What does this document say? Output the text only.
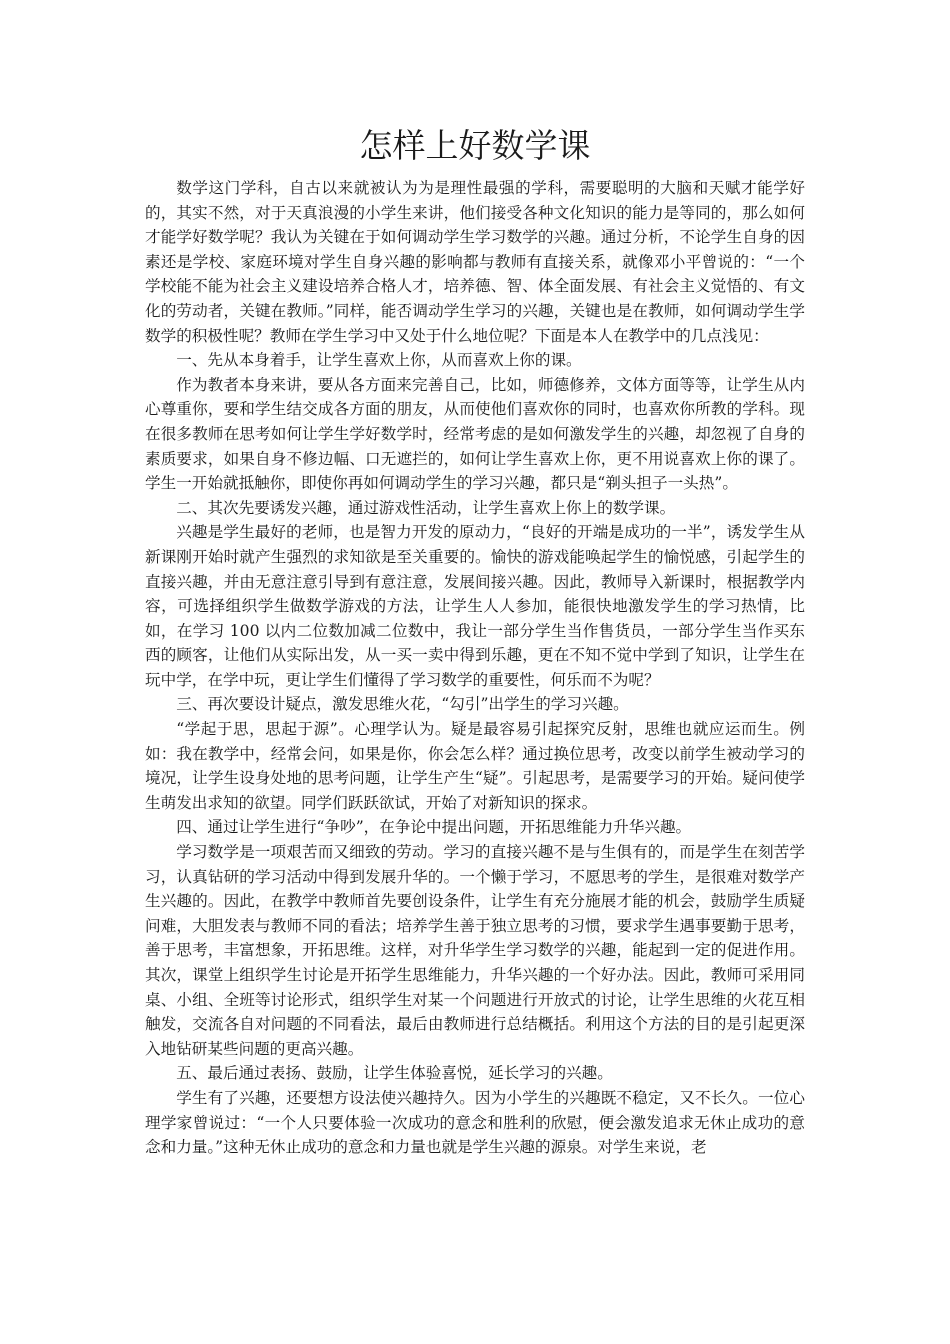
怎样上好数学课

数学这门学科，自古以来就被认为为是理性最强的学科，需要聪明的大脑和天赋才能学好的，其实不然，对于天真浪漫的小学生来讲，他们接受各种文化知识的能力是等同的，那么如何才能学好数学呢？我认为关键在于如何调动学生学习数学的兴趣。通过分析，不论学生自身的因素还是学校、家庭环境对学生自身兴趣的影响都与教师有直接关系，就像邓小平曾说的：“一个学校能不能为社会主义建设培养合格人才，培养德、智、体全面发展、有社会主义觉悟的、有文化的劳动者，关键在教师。”同样，能否调动学生学习的兴趣，关键也是在教师，如何调动学生学数学的积极性呢？教师在学生学习中又处于什么地位呢？下面是本人在教学中的几点浅见：

一、先从本身着手，让学生喜欢上你，从而喜欢上你的课。

作为教者本身来讲，要从各方面来完善自己，比如，师德修养，文体方面等等，让学生从内心尊重你，要和学生结交成各方面的朋友，从而使他们喜欢你的同时，也喜欢你所教的学科。现在很多教师在思考如何让学生学好数学时，经常考虑的是如何激发学生的兴趣，却忽视了自身的素质要求，如果自身不修边幅、口无遮拦的，如何让学生喜欢上你，更不用说喜欢上你的课了。学生一开始就抵触你，即使你再如何调动学生的学习兴趣，都只是“剃头担子一头热”。

二、其次先要诱发兴趣，通过游戏性活动，让学生喜欢上你上的数学课。

兴趣是学生最好的老师，也是智力开发的原动力，“良好的开端是成功的一半”，诱发学生从新课刚开始时就产生强烈的求知欲是至关重要的。愉快的游戏能唤起学生的愉悦感，引起学生的直接兴趣，并由无意注意引导到有意注意，发展间接兴趣。因此，教师导入新课时，根据教学内容，可选择组织学生做数学游戏的方法，让学生人人参加，能很快地激发学生的学习热情，比如，在学习 100 以内二位数加减二位数中，我让一部分学生当作售货员，一部分学生当作买东西的顾客，让他们从实际出发，从一买一卖中得到乐趣，更在不知不觉中学到了知识，让学生在玩中学，在学中玩，更让学生们懂得了学习数学的重要性，何乐而不为呢？

三、再次要设计疑点，激发思维火花，“勾引”出学生的学习兴趣。

“学起于思，思起于源”。心理学认为。疑是最容易引起探究反射，思维也就应运而生。例如：我在教学中，经常会问，如果是你，你会怎么样？通过换位思考，改变以前学生被动学习的境况，让学生设身处地的思考问题，让学生产生“疑”。引起思考，是需要学习的开始。疑问使学生萌发出求知的欲望。同学们跃跃欲试，开始了对新知识的探求。

四、通过让学生进行“争吵”，在争论中提出问题，开拓思维能力升华兴趣。

学习数学是一项艰苦而又细致的劳动。学习的直接兴趣不是与生俱有的，而是学生在刻苦学习，认真钻研的学习活动中得到发展升华的。一个懒于学习，不愿思考的学生，是很难对数学产生兴趣的。因此，在教学中教师首先要创设条件，让学生有充分施展才能的机会，鼓励学生质疑问难，大胆发表与教师不同的看法；培养学生善于独立思考的习惯，要求学生遇事要勤于思考，善于思考，丰富想象，开拓思维。这样，对升华学生学习数学的兴趣，能起到一定的促进作用。其次，课堂上组织学生讨论是开拓学生思维能力，升华兴趣的一个好办法。因此，教师可采用同桌、小组、全班等讨论形式，组织学生对某一个问题进行开放式的讨论，让学生思维的火花互相触发，交流各自对问题的不同看法，最后由教师进行总结概括。利用这个方法的目的是引起更深入地钻研某些问题的更高兴趣。

五、最后通过表扬、鼓励，让学生体验喜悦，延长学习的兴趣。

学生有了兴趣，还要想方设法使兴趣持久。因为小学生的兴趣既不稳定，又不长久。一位心理学家曾说过：“一个人只要体验一次成功的意念和胜利的欣慰，便会激发追求无休止成功的意念和力量。”这种无休止成功的意念和力量也就是学生兴趣的源泉。对学生来说，老
